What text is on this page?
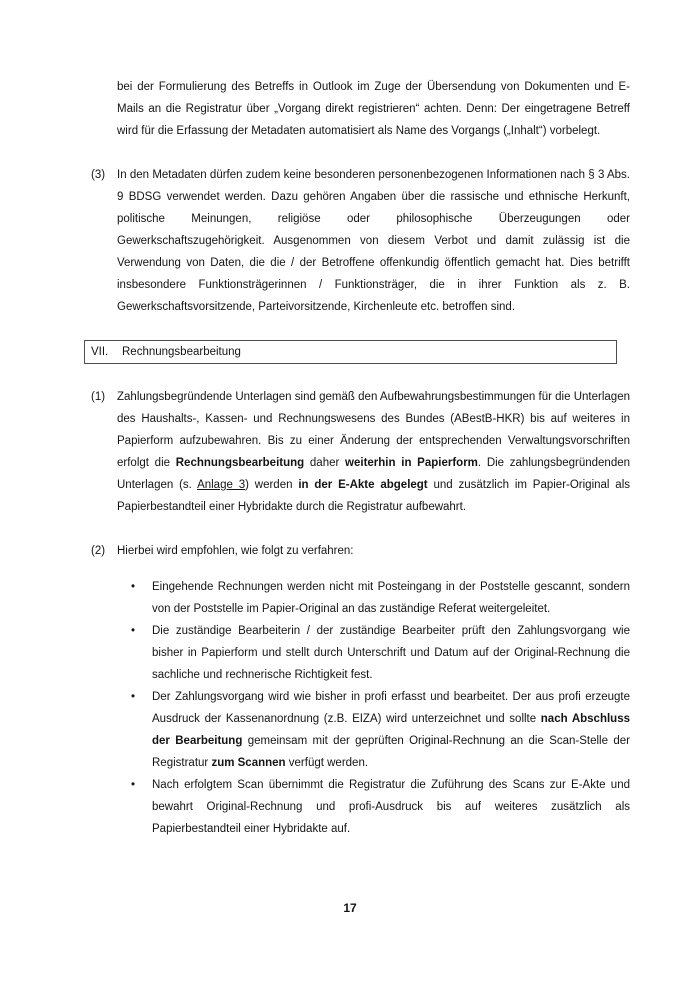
bei der Formulierung des Betreffs in Outlook im Zuge der Übersendung von Dokumenten und E-Mails an die Registratur über „Vorgang direkt registrieren“ achten. Denn: Der eingetragene Betreff wird für die Erfassung der Metadaten automatisiert als Name des Vorgangs („Inhalt“) vorbelegt.

(3)	In den Metadaten dürfen zudem keine besonderen personenbezogenen Informationen nach § 3 Abs. 9 BDSG verwendet werden. Dazu gehören Angaben über die rassische und ethnische Herkunft, politische Meinungen, religiöse oder philosophische Überzeugungen oder Gewerkschaftszugehörigkeit. Ausgenommen von diesem Verbot und damit zulässig ist die Verwendung von Daten, die die / der Betroffene offenkundig öffentlich gemacht hat. Dies betrifft insbesondere Funktionsträgerinnen / Funktionsträger, die in ihrer Funktion als z. B. Gewerkschaftsvorsitzende, Parteivorsitzende, Kirchenleute etc. betroffen sind.
VII.	Rechnungsbearbeitung
(1)	Zahlungsbegründende Unterlagen sind gemäß den Aufbewahrungsbestimmungen für die Unterlagen des Haushalts-, Kassen- und Rechnungswesens des Bundes (ABestB-HKR) bis auf weiteres in Papierform aufzubewahren. Bis zu einer Änderung der entsprechenden Verwaltungsvorschriften erfolgt die Rechnungsbearbeitung daher weiterhin in Papierform. Die zahlungsbegründenden Unterlagen (s. Anlage 3) werden in der E-Akte abgelegt und zusätzlich im Papier-Original als Papierbestandteil einer Hybridakte durch die Registratur aufbewahrt.
(2)	Hierbei wird empfohlen, wie folgt zu verfahren:
•	Eingehende Rechnungen werden nicht mit Posteingang in der Poststelle gescannt, sondern von der Poststelle im Papier-Original an das zuständige Referat weitergeleitet.
•	Die zuständige Bearbeiterin / der zuständige Bearbeiter prüft den Zahlungsvorgang wie bisher in Papierform und stellt durch Unterschrift und Datum auf der Original-Rechnung die sachliche und rechnerische Richtigkeit fest.
•	Der Zahlungsvorgang wird wie bisher in profi erfasst und bearbeitet. Der aus profi erzeugte Ausdruck der Kassenanordnung (z.B. EIZA) wird unterzeichnet und sollte nach Abschluss der Bearbeitung gemeinsam mit der geprüften Original-Rechnung an die Scan-Stelle der Registratur zum Scannen verfügt werden.
•	Nach erfolgtem Scan übernimmt die Registratur die Zuführung des Scans zur E-Akte und bewahrt Original-Rechnung und profi-Ausdruck bis auf weiteres zusätzlich als Papierbestandteil einer Hybridakte auf.
17
